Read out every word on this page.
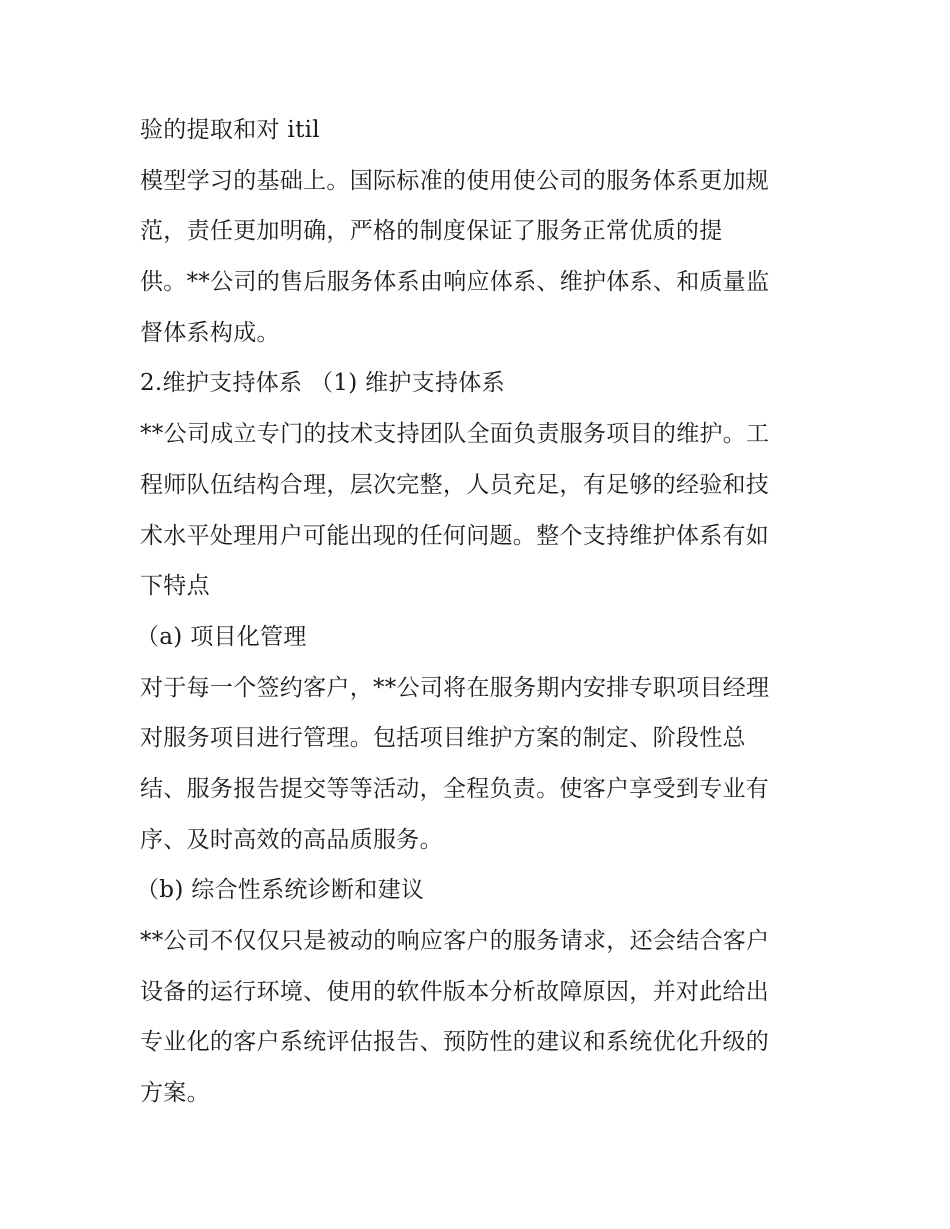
验的提取和对 itil
模型学习的基础上。国际标准的使用使公司的服务体系更加规
范，责任更加明确，严格的制度保证了服务正常优质的提
供。**公司的售后服务体系由响应体系、维护体系、和质量监
督体系构成。
2.维护支持体系 （1) 维护支持体系
**公司成立专门的技术支持团队全面负责服务项目的维护。工
程师队伍结构合理，层次完整，人员充足，有足够的经验和技
术水平处理用户可能出现的任何问题。整个支持维护体系有如
下特点
（a) 项目化管理
对于每一个签约客户，**公司将在服务期内安排专职项目经理
对服务项目进行管理。包括项目维护方案的制定、阶段性总
结、服务报告提交等等活动，全程负责。使客户享受到专业有
序、及时高效的高品质服务。
（b) 综合性系统诊断和建议
**公司不仅仅只是被动的响应客户的服务请求，还会结合客户
设备的运行环境、使用的软件版本分析故障原因，并对此给出
专业化的客户系统评估报告、预防性的建议和系统优化升级的
方案。
